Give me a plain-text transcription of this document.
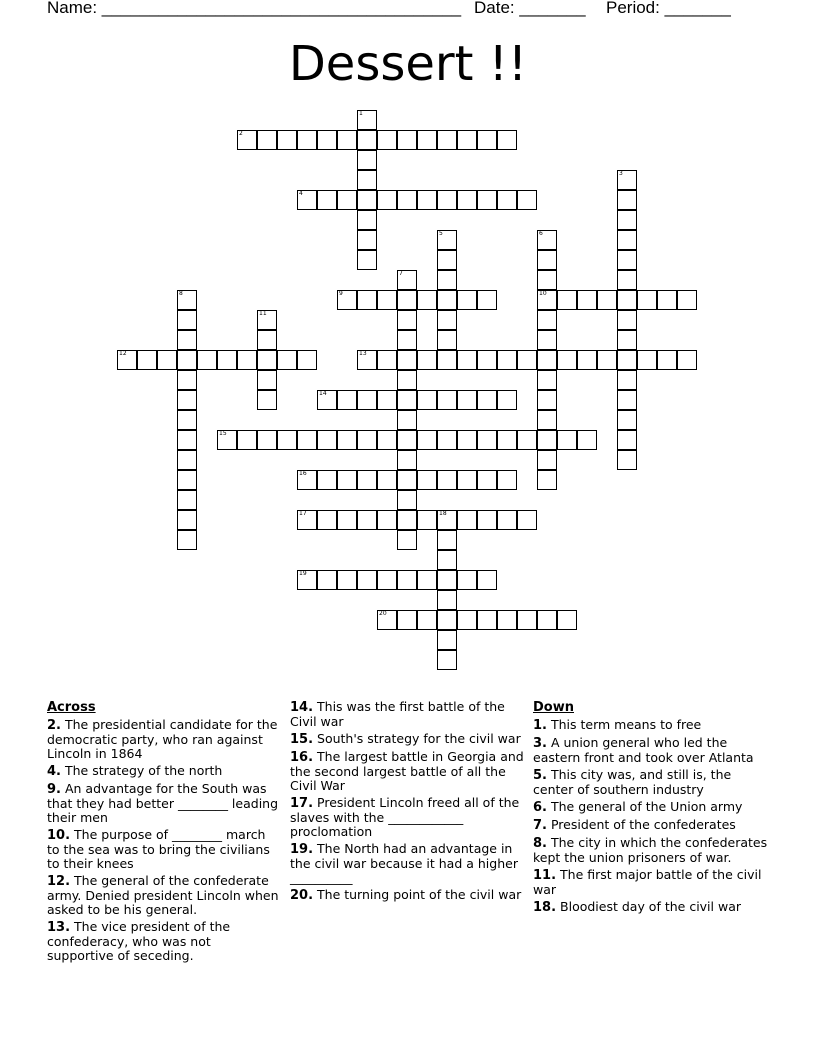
Name: ______________________________________ Date: _______ Period: _______
Dessert !!
1
2
3
4
5	6
10
7
8	9
11
12	13
14
15
16
17	18
19
20
Across
2. The presidential candidate for the democratic party, who ran against Lincoln in 1864
4. The strategy of the north
9. An advantage for the South was that they had better ________ leading their men
10. The purpose of ________ march to the sea was to bring the civilians to their knees
12. The general of the confederate army. Denied president Lincoln when asked to be his general.
13. The vice president of the confederacy, who was not supportive of seceding.
14. This was the first battle of the Civil war
15. South's strategy for the civil war
16. The largest battle in Georgia and the second largest battle of all the Civil War
17. President Lincoln freed all of the slaves with the ____________ proclomation
19. The North had an advantage in the civil war because it had a higher __________
20. The turning point of the civil war
Down
1. This term means to free
3. A union general who led the eastern front and took over Atlanta
5. This city was, and still is, the center of southern industry
6. The general of the Union army
7. President of the confederates
8. The city in which the confederates kept the union prisoners of war.
11. The first major battle of the civil war
18. Bloodiest day of the civil war
